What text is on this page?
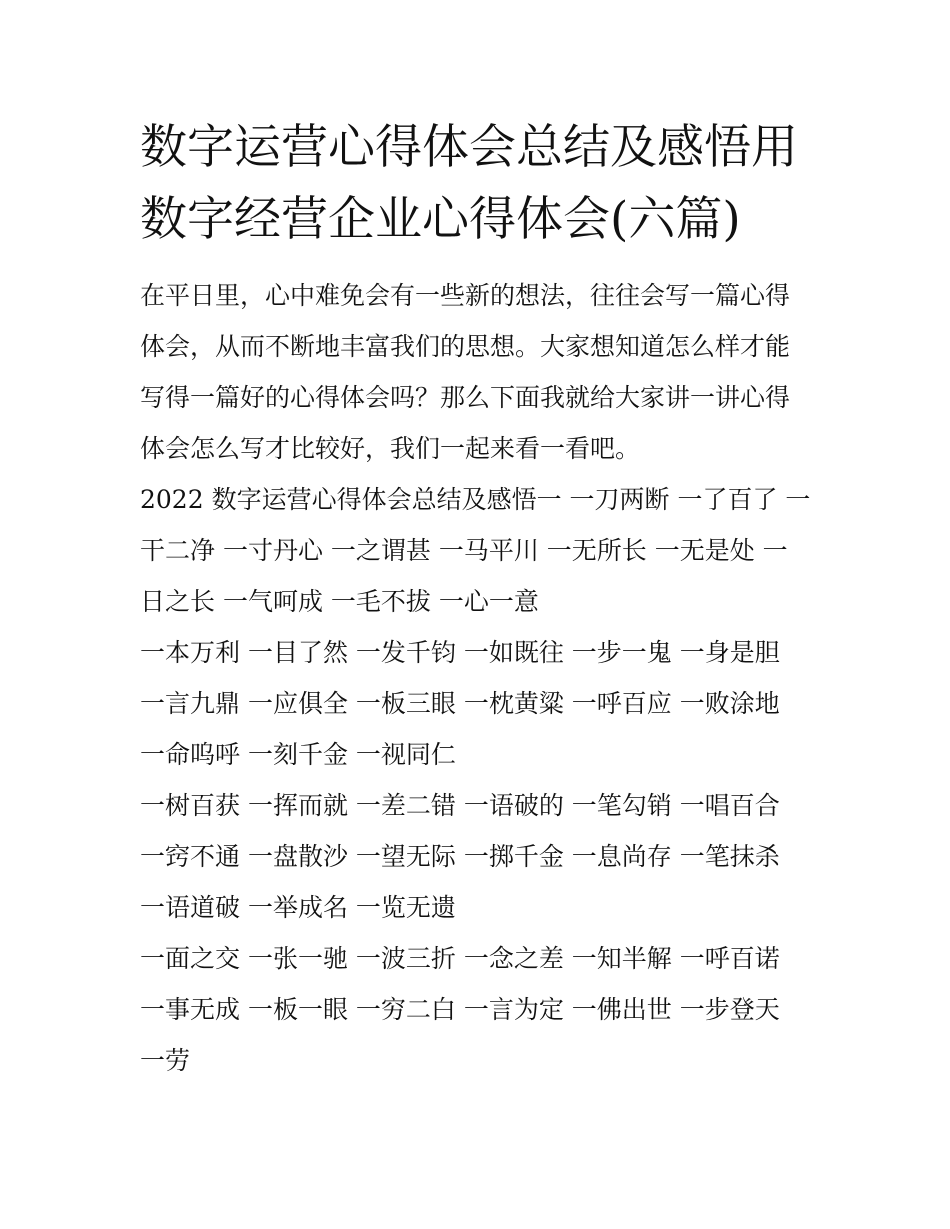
数字运营心得体会总结及感悟用数字经营企业心得体会(六篇)

在平日里，心中难免会有一些新的想法，往往会写一篇心得体会，从而不断地丰富我们的思想。大家想知道怎么样才能写得一篇好的心得体会吗？那么下面我就给大家讲一讲心得体会怎么写才比较好，我们一起来看一看吧。

2022 数字运营心得体会总结及感悟一 一刀两断 一了百了 一干二净 一寸丹心 一之谓甚 一马平川 一无所长 一无是处 一日之长 一气呵成 一毛不拔 一心一意

一本万利 一目了然 一发千钧 一如既往 一步一鬼 一身是胆 一言九鼎 一应俱全 一板三眼 一枕黄粱 一呼百应 一败涂地 一命呜呼 一刻千金 一视同仁

一树百获 一挥而就 一差二错 一语破的 一笔勾销 一唱百合 一窍不通 一盘散沙 一望无际 一掷千金 一息尚存 一笔抹杀 一语道破 一举成名 一览无遗

一面之交 一张一驰 一波三折 一念之差 一知半解 一呼百诺 一事无成 一板一眼 一穷二白 一言为定 一佛出世 一步登天 一劳
